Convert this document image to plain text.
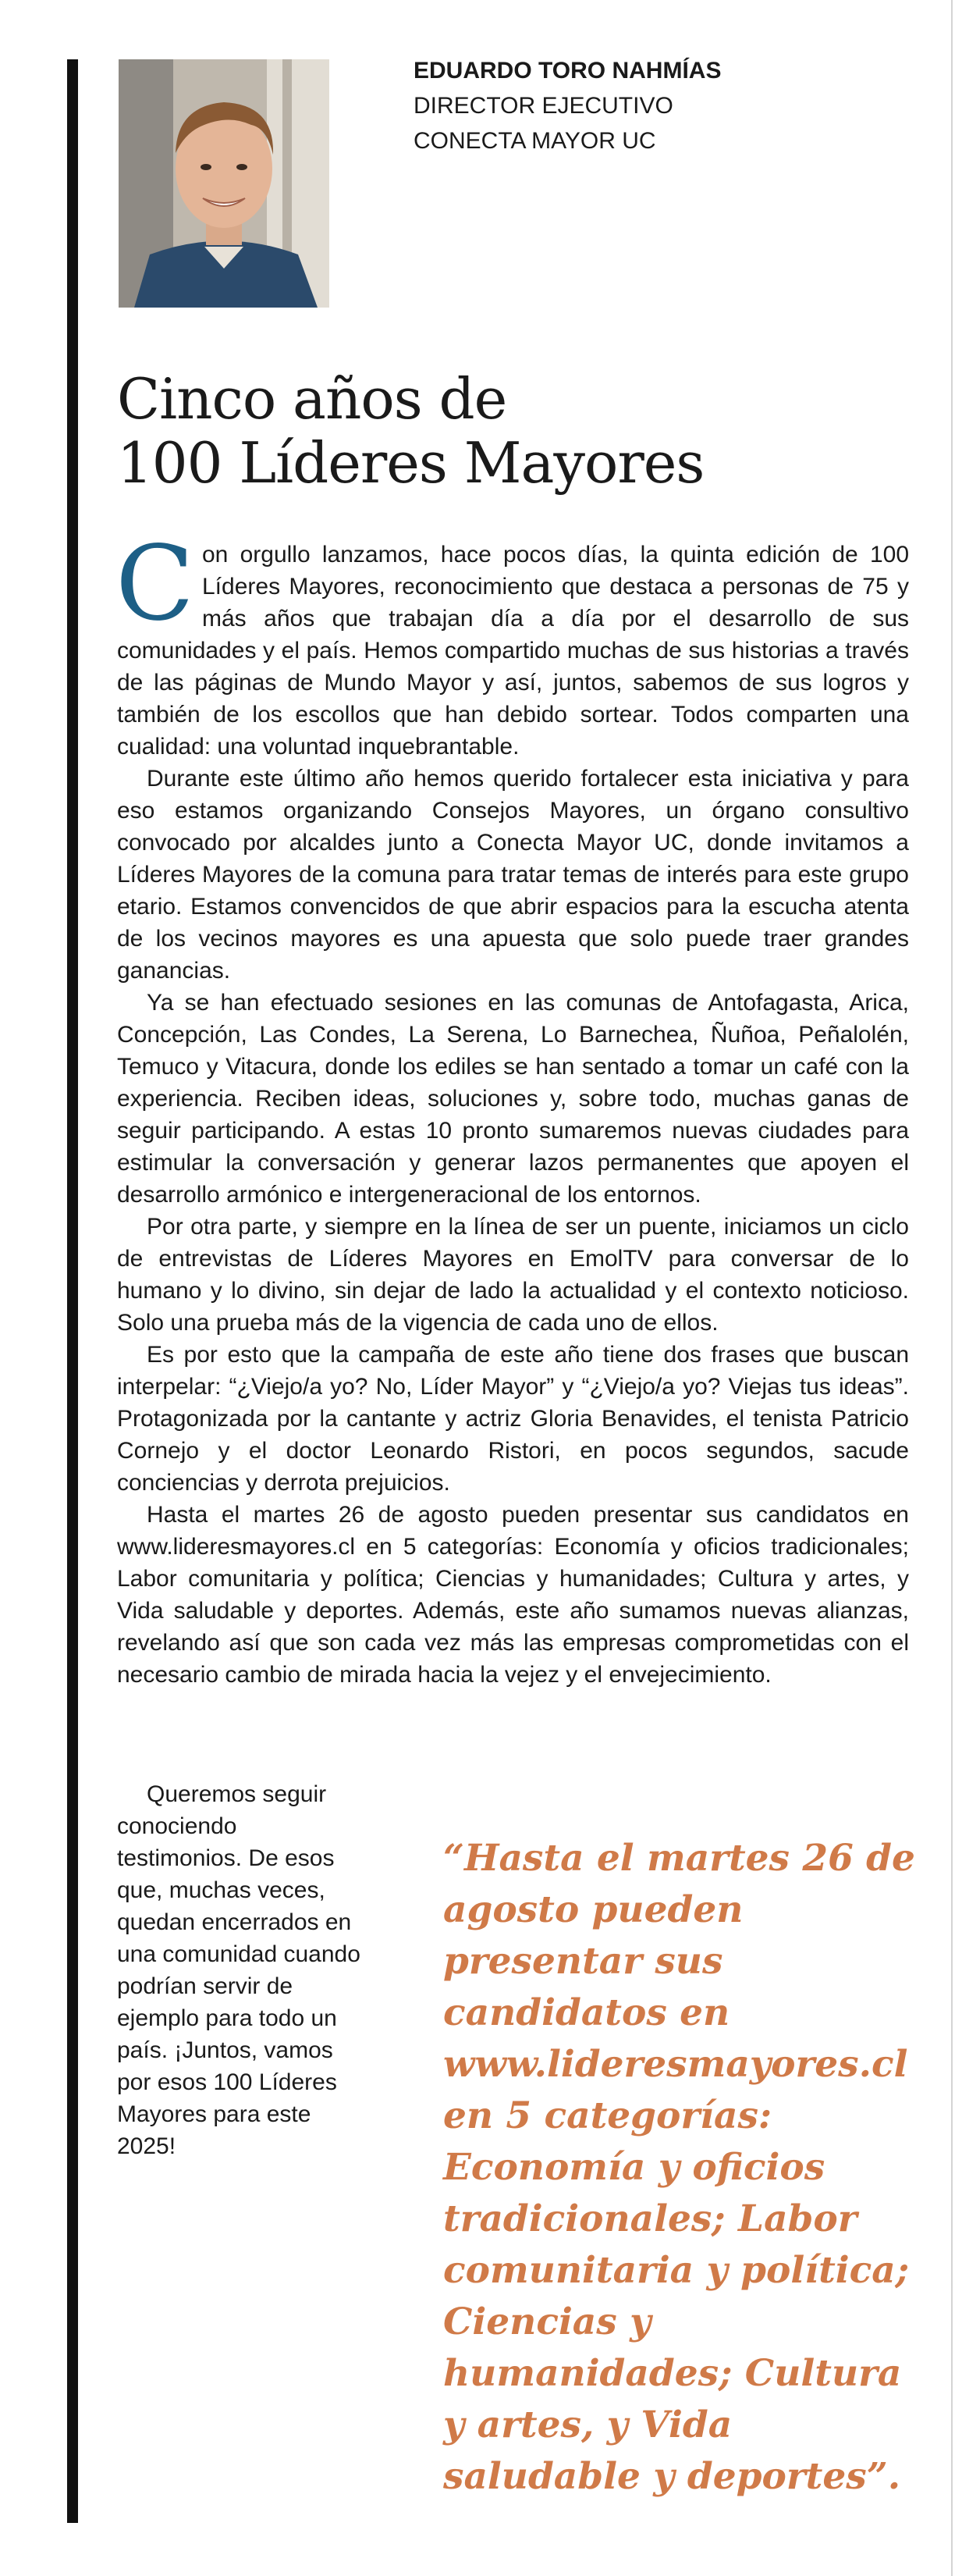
EDUARDO TORO NAHMÍAS
DIRECTOR EJECUTIVO
CONECTA MAYOR UC
Cinco años de
100 Líderes Mayores

Con orgullo lanzamos, hace pocos días, la quinta edición de 100 Líderes Mayores, reconocimiento que destaca a personas de 75 y más años que trabajan día a día por el desarrollo de sus comunidades y el país. Hemos compartido muchas de sus historias a través de las páginas de Mundo Mayor y así, juntos, sabemos de sus logros y también de los escollos que han debido sortear. Todos comparten una cualidad: una voluntad inquebrantable.

Durante este último año hemos querido fortalecer esta iniciativa y para eso estamos organizando Consejos Mayores, un órgano consultivo convocado por alcaldes junto a Conecta Mayor UC, donde invitamos a Líderes Mayores de la comuna para tratar temas de interés para este grupo etario. Estamos convencidos de que abrir espacios para la escucha atenta de los vecinos mayores es una apuesta que solo puede traer grandes ganancias.

Ya se han efectuado sesiones en las comunas de Antofagasta, Arica, Concepción, Las Condes, La Serena, Lo Barnechea, Ñuñoa, Peñalolén, Temuco y Vitacura, donde los ediles se han sentado a tomar un café con la experiencia. Reciben ideas, soluciones y, sobre todo, muchas ganas de seguir participando. A estas 10 pronto sumaremos nuevas ciudades para estimular la conversación y generar lazos permanentes que apoyen el desarrollo armónico e intergeneracional de los entornos.

Por otra parte, y siempre en la línea de ser un puente, iniciamos un ciclo de entrevistas de Líderes Mayores en EmolTV para conversar de lo humano y lo divino, sin dejar de lado la actualidad y el contexto noticioso. Solo una prueba más de la vigencia de cada uno de ellos.

Es por esto que la campaña de este año tiene dos frases que buscan interpelar: “¿Viejo/a yo? No, Líder Mayor” y “¿Viejo/a yo? Viejas tus ideas”. Protagonizada por la cantante y actriz Gloria Benavides, el tenista Patricio Cornejo y el doctor Leonardo Ristori, en pocos segundos, sacude conciencias y derrota prejuicios.

Hasta el martes 26 de agosto pueden presentar sus candidatos en www.lideresmayores.cl en 5 categorías: Economía y oficios tradicionales; Labor comunitaria y política; Ciencias y humanidades; Cultura y artes, y Vida saludable y deportes. Además, este año sumamos nuevas alianzas, revelando así que son cada vez más las empresas comprometidas con el necesario cambio de mirada hacia la vejez y el envejecimiento.

Queremos seguir conociendo testimonios. De esos que, muchas veces, quedan encerrados en una comunidad cuando podrían servir de ejemplo para todo un país. ¡Juntos, vamos por esos 100 Líderes Mayores para este 2025!

“Hasta el martes 26 de agosto pueden presentar sus candidatos en www.lideresmayores.cl en 5 categorías: Economía y oficios tradicionales; Labor comunitaria y política; Ciencias y humanidades; Cultura y artes, y Vida saludable y deportes”.
